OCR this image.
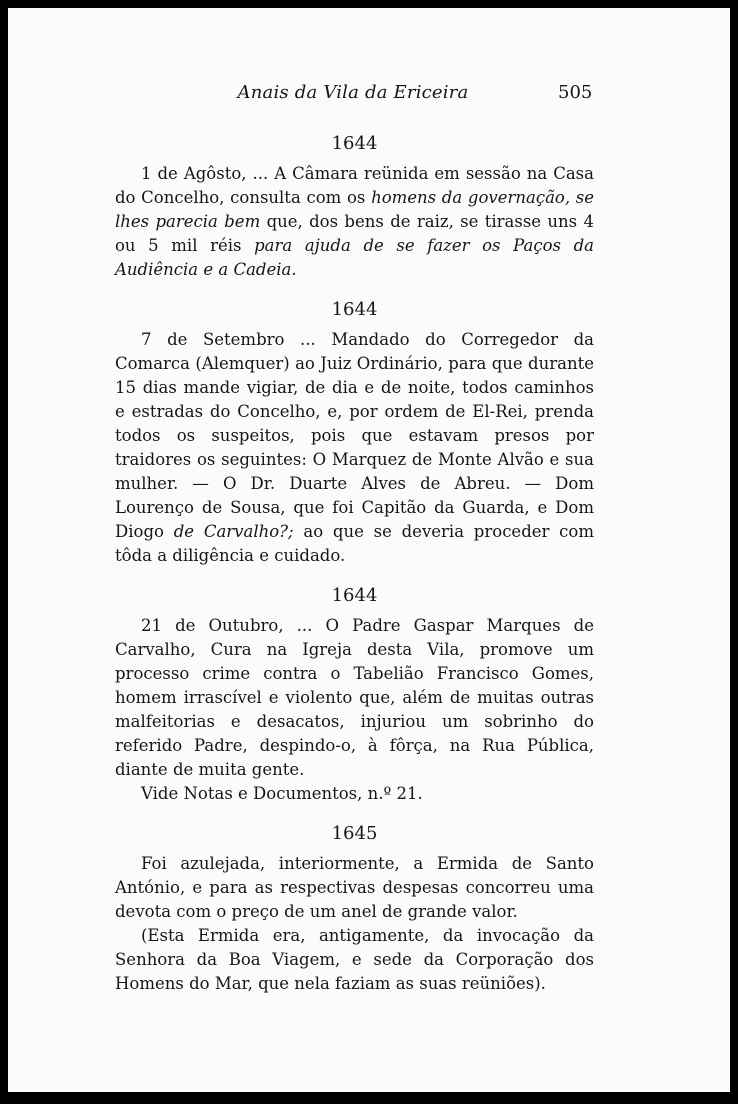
Anais da Vila da Ericeira	505
1644

1 de Agôsto, ... A Câmara reünida em sessão na Casa do Concelho, consulta com os homens da governação, se lhes parecia bem que, dos bens de raiz, se tirasse uns 4 ou 5 mil réis para ajuda de se fazer os Paços da Audiência e a Cadeia.

1644

7 de Setembro ... Mandado do Corregedor da Comarca (Alemquer) ao Juiz Ordinário, para que durante 15 dias mande vigiar, de dia e de noite, todos caminhos e estradas do Concelho, e, por ordem de El-Rei, prenda todos os suspeitos, pois que estavam presos por traidores os seguintes: O Marquez de Monte Alvão e sua mulher. — O Dr. Duarte Alves de Abreu. — Dom Lourenço de Sousa, que foi Capitão da Guarda, e Dom Diogo de Carvalho?; ao que se deveria proceder com tôda a diligência e cuidado.

1644

21 de Outubro, ... O Padre Gaspar Marques de Carvalho, Cura na Igreja desta Vila, promove um processo crime contra o Tabelião Francisco Gomes, homem irrascível e violento que, além de muitas outras malfeitorias e desacatos, injuriou um sobrinho do referido Padre, despindo-o, à fôrça, na Rua Pública, diante de muita gente.

Vide Notas e Documentos, n.º 21.

1645

Foi azulejada, interiormente, a Ermida de Santo António, e para as respectivas despesas concorreu uma devota com o preço de um anel de grande valor.

(Esta Ermida era, antigamente, da invocação da Senhora da Boa Viagem, e sede da Corporação dos Homens do Mar, que nela faziam as suas reüniões).
